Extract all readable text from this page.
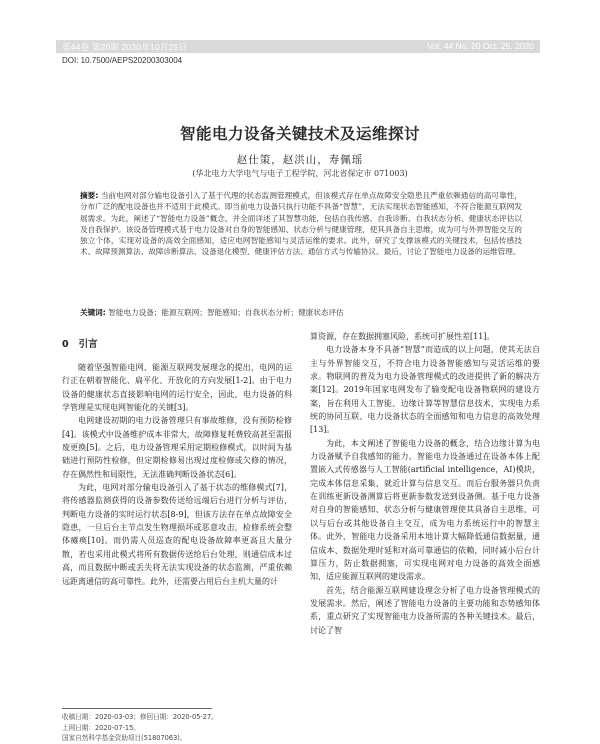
第44卷 第20期 2020年10月25日	Vol. 44 No. 20 Oct. 25, 2020
DOI: 10.7500/AEPS20200303004
智能电力设备关键技术及运维探讨
赵仕策，赵洪山，寿佩瑶
(华北电力大学电气与电子工程学院，河北省保定市 071003)
摘要: 当前电网对部分输电设备引入了基于代理的状态监测管理模式，但该模式存在单点故障安全隐患且严重依赖通信的高可靠性，分布广泛的配电设备也并不适用于此模式。即当前电力设备只执行功能不具备“智慧”，无法实现状态智能感知，不符合能源互联网发展需求。为此，阐述了“智能电力设备”概念，并全面详述了其智慧功能，包括自我传感、自我诊断、自我状态分析、健康状态评估以及自我保护。该设备管理模式基于电力设备对自身的智能感知、状态分析与健康管理，使其具备自主思维，成为可与外界智能交互的独立个体，实现对设备的高效全面感知，适应电网智能感知与灵活运维的要求。此外，研究了支撑该模式的关键技术，包括传感技术、故障预测算法、故障诊断算法、设备退化模型、健康评估方法、通信方式与传输协议。最后，讨论了智能电力设备的运维管理。
关键词: 智能电力设备；能源互联网；智能感知；自我状态分析；健康状态评估
0 引言

随着坚强智能电网、能源互联网发展理念的提出，电网的运行正在朝着智能化、扁平化、开放化的方向发展[1-2]。由于电力设备的健康状态直接影响电网的运行安全，因此，电力设备的科学管理是实现电网智能化的关键[3]。

电网建设初期的电力设备管理只有事故维修，没有预防检修[4]。该模式中设备维护成本非常大，故障修复耗费较高甚至需报废更换[5]。之后，电力设备管理采用定期检修模式，以时间为基础进行预防性检修，但定期检修易出现过度检修或欠修的情况，存在偶然性和局限性，无法准确判断设备状态[6]。

为此，电网对部分输电设备引入了基于状态的维修模式[7]，将传感器监测获得的设备参数传送给远端后台进行分析与评估，判断电力设备的实时运行状态[8-9]，但该方法存在单点故障安全隐患，一旦后台主节点发生物理损坏或恶意攻击，检修系统会整体瘫痪[10]。而仍需人员巡查的配电设备故障率更高且大量分散，若也采用此模式将所有数据传送给后台处理，则通信成本过高，而且数据中断或丢失将无法实现设备的状态监测，严重依赖远距离通信的高可靠性。此外，还需要占用后台主机大量的计

算资源，存在数据拥塞风险，系统可扩展性差[11]。

电力设备本身不具备“智慧”而造成的以上问题，使其无法自主与外界智能交互，不符合电力设备智能感知与灵活运维的要求。物联网的普及为电力设备管理模式的改进提供了新的解决方案[12]。2019年国家电网发布了输变配电设备物联网的建设方案，旨在利用人工智能、边缘计算等智慧信息技术，实现电力系统的协同互联、电力设备状态的全面感知和电力信息的高效处理[13]。

为此，本文阐述了智能电力设备的概念，结合边缘计算为电力设备赋予自我感知的能力。智能电力设备通过在设备本体上配置嵌入式传感器与人工智能(artificial intelligence，AI)模块，完成本体信息采集、就近计算与信息交互。而后台服务器只负责在训练更新设备测算后将更新参数发送到设备侧。基于电力设备对自身的智能感知、状态分析与健康管理使其具备自主思维，可以与后台或其他设备自主交互，成为电力系统运行中的智慧主体。此外，智能电力设备采用本地计算大幅降低通信数据量，通信成本、数据处理时延和对高可靠通信的依赖，同时减小后台计算压力，防止数据拥塞，可实现电网对电力设备的高效全面感知，适应能源互联网的建设需求。

首先，结合能源互联网建设理念分析了电力设备管理模式的发展需求。然后，阐述了智能电力设备的主要功能和态势感知体系，重点研究了实现智能电力设备所需的各种关键技术。最后，讨论了智

收稿日期：2020-03-03；修回日期：2020-05-27。
上网日期：2020-07-15。
国家自然科学基金资助项目(51807063)。
